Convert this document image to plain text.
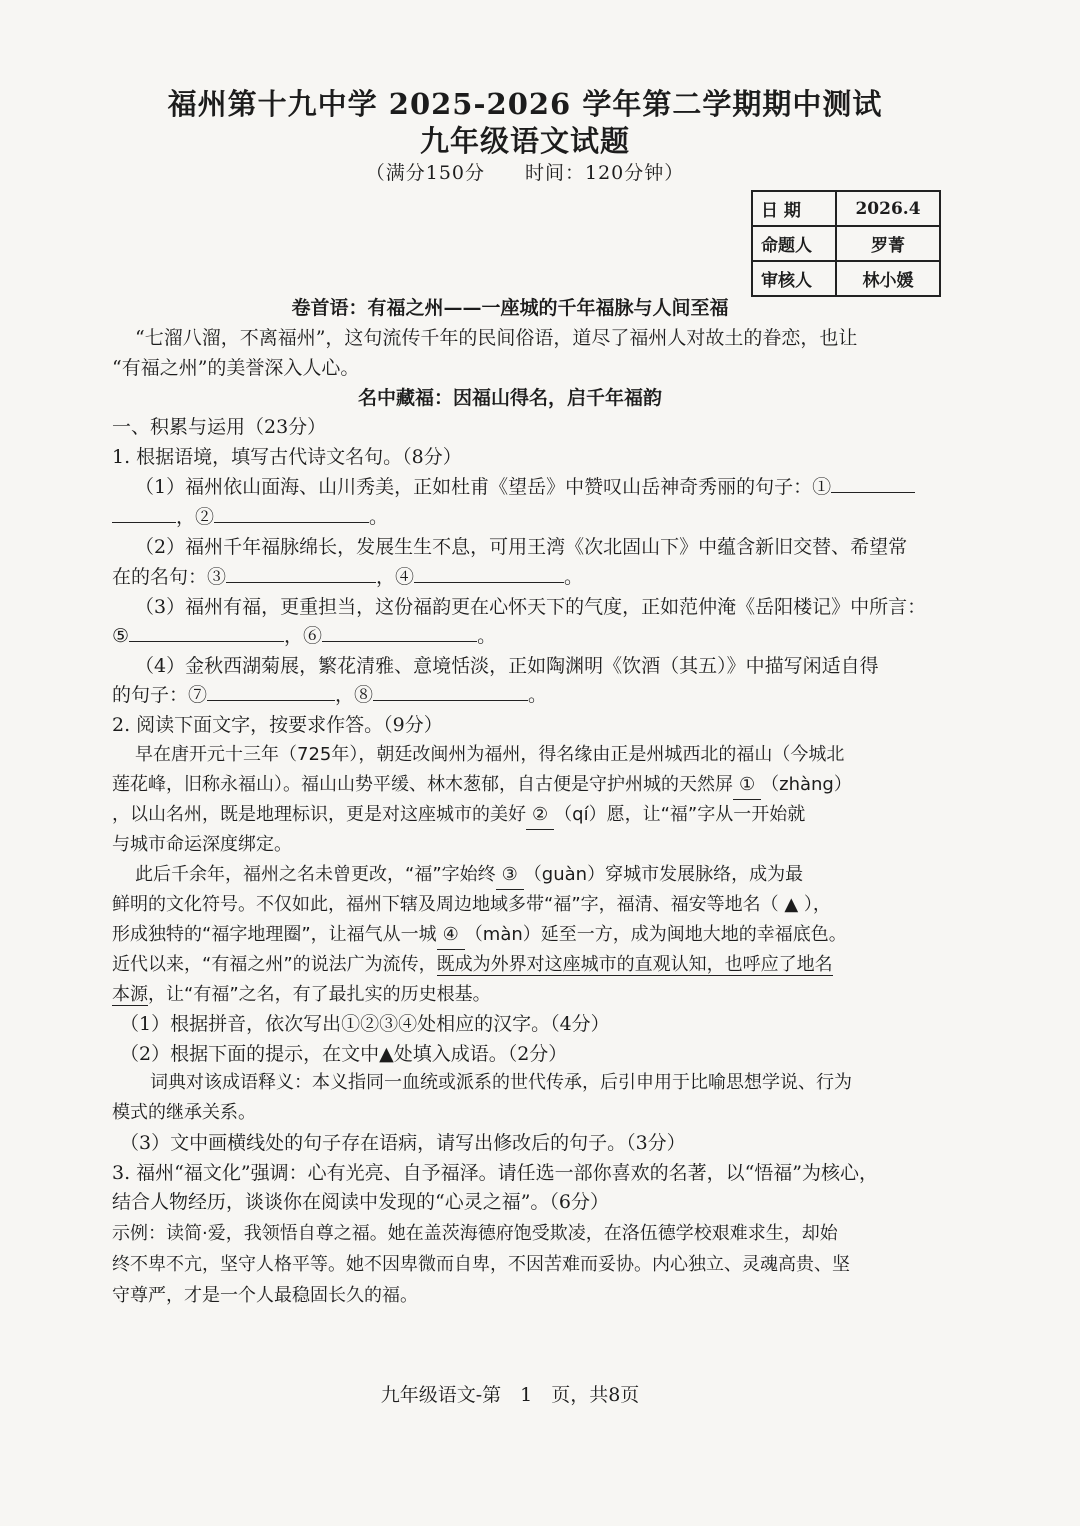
福州第十九中学 2025-2026 学年第二学期期中测试
九年级语文试题
（满分150分　　时间：120分钟）
日 期	2026.4
命题人	罗菁
审核人	林小媛
卷首语：有福之州——一座城的千年福脉与人间至福
“七溜八溜，不离福州”，这句流传千年的民间俗语，道尽了福州人对故土的眷恋，也让
“有福之州”的美誉深入人心。
名中藏福：因福山得名，启千年福韵
一、积累与运用（23分）
1. 根据语境，填写古代诗文名句。（8分）
（1）福州依山面海、山川秀美，正如杜甫《望岳》中赞叹山岳神奇秀丽的句子：①
，②	。
（2）福州千年福脉绵长，发展生生不息，可用王湾《次北固山下》中蕴含新旧交替、希望常
在的名句：③	，④	。
（3）福州有福，更重担当，这份福韵更在心怀天下的气度，正如范仲淹《岳阳楼记》中所言：
⑤	，⑥	。
（4）金秋西湖菊展，繁花清雅、意境恬淡，正如陶渊明《饮酒（其五）》中描写闲适自得
的句子：⑦	，⑧	。
2. 阅读下面文字，按要求作答。（9分）
早在唐开元十三年（725年），朝廷改闽州为福州，得名缘由正是州城西北的福山（今城北
莲花峰，旧称永福山）。福山山势平缓、林木葱郁，自古便是守护州城的天然屏 ① （zhàng）
，以山名州，既是地理标识，更是对这座城市的美好 ② （qí）愿，让“福”字从一开始就
与城市命运深度绑定。
此后千余年，福州之名未曾更改，“福”字始终 ③ （guàn）穿城市发展脉络，成为最
鲜明的文化符号。不仅如此，福州下辖及周边地域多带“福”字，福清、福安等地名（ ▲ ），
形成独特的“福字地理圈”，让福气从一城 ④ （màn）延至一方，成为闽地大地的幸福底色。
近代以来，“有福之州”的说法广为流传，既成为外界对这座城市的直观认知，也呼应了地名
本源，让“有福”之名，有了最扎实的历史根基。
（1）根据拼音，依次写出①②③④处相应的汉字。（4分）
（2）根据下面的提示，在文中▲处填入成语。（2分）
词典对该成语释义：本义指同一血统或派系的世代传承，后引申用于比喻思想学说、行为
模式的继承关系。
（3）文中画横线处的句子存在语病，请写出修改后的句子。（3分）
3. 福州“福文化”强调：心有光亮、自予福泽。请任选一部你喜欢的名著，以“悟福”为核心，
结合人物经历，谈谈你在阅读中发现的“心灵之福”。（6分）
示例：读简·爱，我领悟自尊之福。她在盖茨海德府饱受欺凌，在洛伍德学校艰难求生，却始
终不卑不亢，坚守人格平等。她不因卑微而自卑，不因苦难而妥协。内心独立、灵魂高贵、坚
守尊严，才是一个人最稳固长久的福。
九年级语文-第　1　页，共8页
